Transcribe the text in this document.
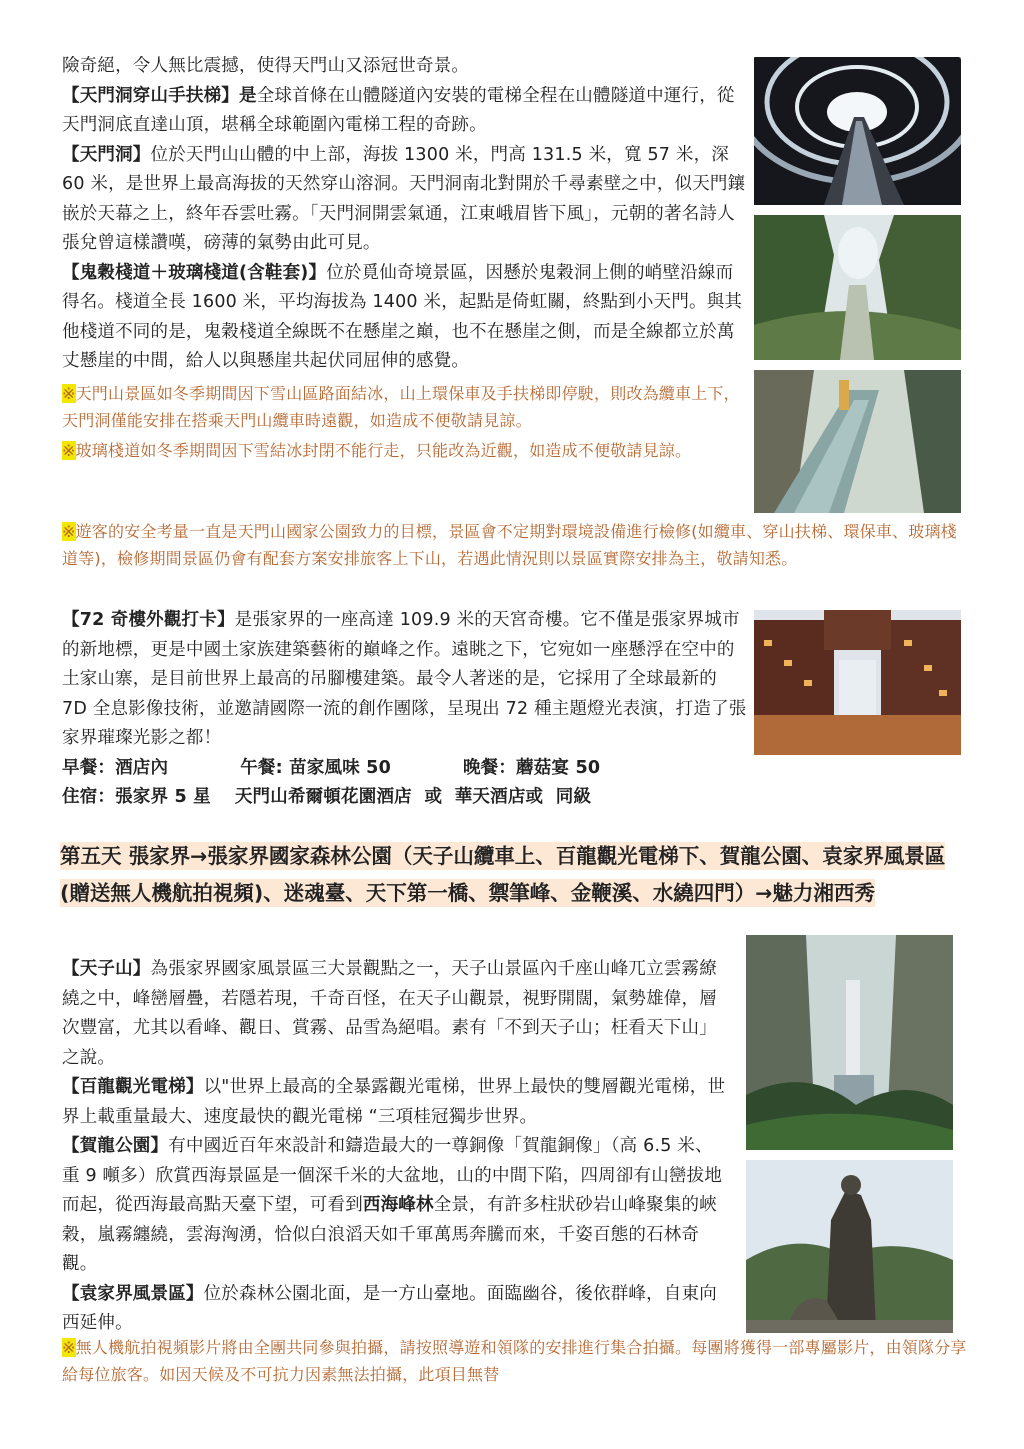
險奇絕，令人無比震撼，使得天門山又添冠世奇景。

【天門洞穿山手扶梯】是全球首條在山體隧道內安裝的電梯全程在山體隧道中運行，從天門洞底直達山頂，堪稱全球範圍內電梯工程的奇跡。

【天門洞】位於天門山山體的中上部，海拔 1300 米，門高 131.5 米，寬 57 米，深 60 米，是世界上最高海拔的天然穿山溶洞。天門洞南北對開於千尋素壁之中，似天門鑲嵌於天幕之上，終年吞雲吐霧。「天門洞開雲氣通，江東峨眉皆下風」，元朝的著名詩人張兌曾這樣讚嘆，磅薄的氣勢由此可見。

【鬼穀棧道＋玻璃棧道(含鞋套)】位於覓仙奇境景區，因懸於鬼穀洞上側的峭壁沿線而得名。棧道全長 1600 米，平均海拔為 1400 米，起點是倚虹關，終點到小天門。與其他棧道不同的是，鬼穀棧道全線既不在懸崖之巔，也不在懸崖之側，而是全線都立於萬丈懸崖的中間，給人以與懸崖共起伏同屈伸的感覺。

※天門山景區如冬季期間因下雪山區路面結冰，山上環保車及手扶梯即停駛，則改為纜車上下，天門洞僅能安排在搭乘天門山纜車時遠觀，如造成不便敬請見諒。

※玻璃棧道如冬季期間因下雪結冰封閉不能行走，只能改為近觀，如造成不便敬請見諒。

※遊客的安全考量一直是天門山國家公園致力的目標，景區會不定期對環境設備進行檢修(如纜車、穿山扶梯、環保車、玻璃棧道等)，檢修期間景區仍會有配套方案安排旅客上下山，若遇此情況則以景區實際安排為主，敬請知悉。

【72 奇樓外觀打卡】是張家界的一座高達 109.9 米的天宮奇樓。它不僅是張家界城市的新地標，更是中國土家族建築藝術的巔峰之作。遠眺之下，它宛如一座懸浮在空中的土家山寨，是目前世界上最高的吊腳樓建築。最令人著迷的是，它採用了全球最新的 7D 全息影像技術，並邀請國際一流的創作團隊，呈現出 72 種主題燈光表演，打造了張家界璀璨光影之都！

早餐：酒店內	午餐: 苗家風味 50	晚餐：蘑菇宴 50

住宿：張家界 5 星　 天門山希爾頓花園酒店  或  華天酒店或  同級

第五天 張家界→張家界國家森林公園（天子山纜車上、百龍觀光電梯下、賀龍公園、袁家界風景區(贈送無人機航拍視頻)、迷魂臺、天下第一橋、禦筆峰、金鞭溪、水繞四門）→魅力湘西秀

【天子山】為張家界國家風景區三大景觀點之一，天子山景區內千座山峰兀立雲霧繚繞之中，峰巒層疊，若隱若現，千奇百怪，在天子山觀景，視野開闊，氣勢雄偉，層次豐富，尤其以看峰、觀日、賞霧、品雪為絕唱。素有「不到天子山；枉看天下山」之說。

【百龍觀光電梯】以"世界上最高的全暴露觀光電梯，世界上最快的雙層觀光電梯，世界上載重量最大、速度最快的觀光電梯 “三項桂冠獨步世界。

【賀龍公園】有中國近百年來設計和鑄造最大的一尊銅像「賀龍銅像」（高 6.5 米、重 9 噸多）欣賞西海景區是一個深千米的大盆地，山的中間下陷，四周卻有山巒拔地而起，從西海最高點天臺下望，可看到西海峰林全景，有許多柱狀砂岩山峰聚集的峽穀，嵐霧纏繞，雲海洶湧，恰似白浪滔天如千軍萬馬奔騰而來，千姿百態的石林奇觀。

【袁家界風景區】位於森林公園北面，是一方山臺地。面臨幽谷，後依群峰，自東向西延伸。

※無人機航拍視頻影片將由全團共同參與拍攝，請按照導遊和領隊的安排進行集合拍攝。每團將獲得一部專屬影片，由領隊分享給每位旅客。如因天候及不可抗力因素無法拍攝，此項目無替
